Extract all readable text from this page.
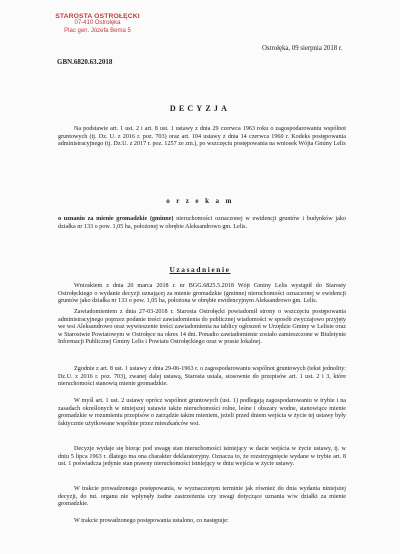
STAROSTA OSTROŁĘCKI
07-410 Ostrołęka
Plac gen. Józefa Bema 5
Ostrołęka, 09 sierpnia 2018 r.
GBN.6820.63.2018
DECYZJA

Na podstawie art. 1 ust. 2 i art. 8 ust. 1 ustawy z dnia 29 czerwca 1963 roku o zagospodarowaniu wspólnot gruntowych (tj. Dz. U. z 2016 r. poz. 703) oraz art. 104 ustawy z dnia 14 czerwca 1960 r. Kodeks postępowania administracyjnego (tj. Dz.U. z 2017 r. poz. 1257 ze zm.), po wszczęciu postępowania na wniosek Wójta Gminy Lelis

o r z e k a m

o uznaniu za mienie gromadzkie (gminne) nieruchomości oznaczonej w ewidencji gruntów i budynków jako działka nr 133 o pow. 1,05 ha, położonej w obrębie Aleksandrowo gm. Lelis.

Uzasadnienie

Wnioskiem z dnia 20 marca 2018 r. nr BGG.6825.5.2018 Wójt Gminy Lelis wystąpił do Starosty Ostrołęckiego o wydanie decyzji uznającej za mienie gromadzkie (gminne) nieruchomości oznaczonej w ewidencji gruntów jako działka nr 133 o pow. 1,05 ha, położona w obrębie ewidencyjnym Aleksandrowo gm. Lelis.

Zawiadomieniem z dnia 27-03-2018 r. Starosta Ostrołęcki powiadomił strony o wszczęciu postępowania administracyjnego poprzez podanie treści zawiadomienia do publicznej wiadomości w sposób zwyczajowo przyjęty we wsi Aleksandrowo oraz wywieszenie treści zawiadomienia na tablicy ogłoszeń w Urzędzie Gminy w Lelisie oraz w Starostwie Powiatowym w Ostrołęce na okres 14 dni. Ponadto zawiadomienie zostało zamieszczone w Biuletynie Informacji Publicznej Gminy Lelis i Powiatu Ostrołęckiego oraz w prasie lokalnej.

Zgodnie z art. 8 ust. 1 ustawy z dnia 29-06-1963 r. o zagospodarowaniu wspólnot gruntowych (tekst jednolity: Dz.U. z 2016 r. poz. 703), zwanej dalej ustawą, Starosta ustala, stosownie do przepisów art. 1 ust. 2 i 3, które nieruchomości stanowią mienie gromadzkie.

W myśl art. 1 ust. 2 ustawy oprócz wspólnot gruntowych (ust. 1) podlegają zagospodarowaniu w trybie i na zasadach określonych w niniejszej ustawie także nieruchomości rolne, leśne i obszary wodne, stanowiące mienie gromadzkie w rozumieniu przepisów o zarządzie takim mieniem, jeżeli przed dniem wejścia w życie tej ustawy były faktycznie użytkowane wspólnie przez mieszkańców wsi.

Decyzje wydaje się biorąc pod uwagę stan nieruchomości istniejący w dacie wejścia w życie ustawy, tj. w dniu 5 lipca 1963 r. dlatego ma ona charakter deklaratoryjny. Oznacza to, że rozstrzygnięcie wydane w trybie art. 8 ust. 1 poświadcza jedynie stan prawny nieruchomości istniejący w dniu wejścia w życie ustawy.

W trakcie prowadzonego postępowania, w wyznaczonym terminie jak również do dnia wydania niniejszej decyzji, do tut. organu nie wpłynęły żadne zastrzeżenia czy uwagi dotyczące uznania w/w działki za mienie gromadzkie.

W trakcie prowadzonego postępowania ustalono, co następuje:
